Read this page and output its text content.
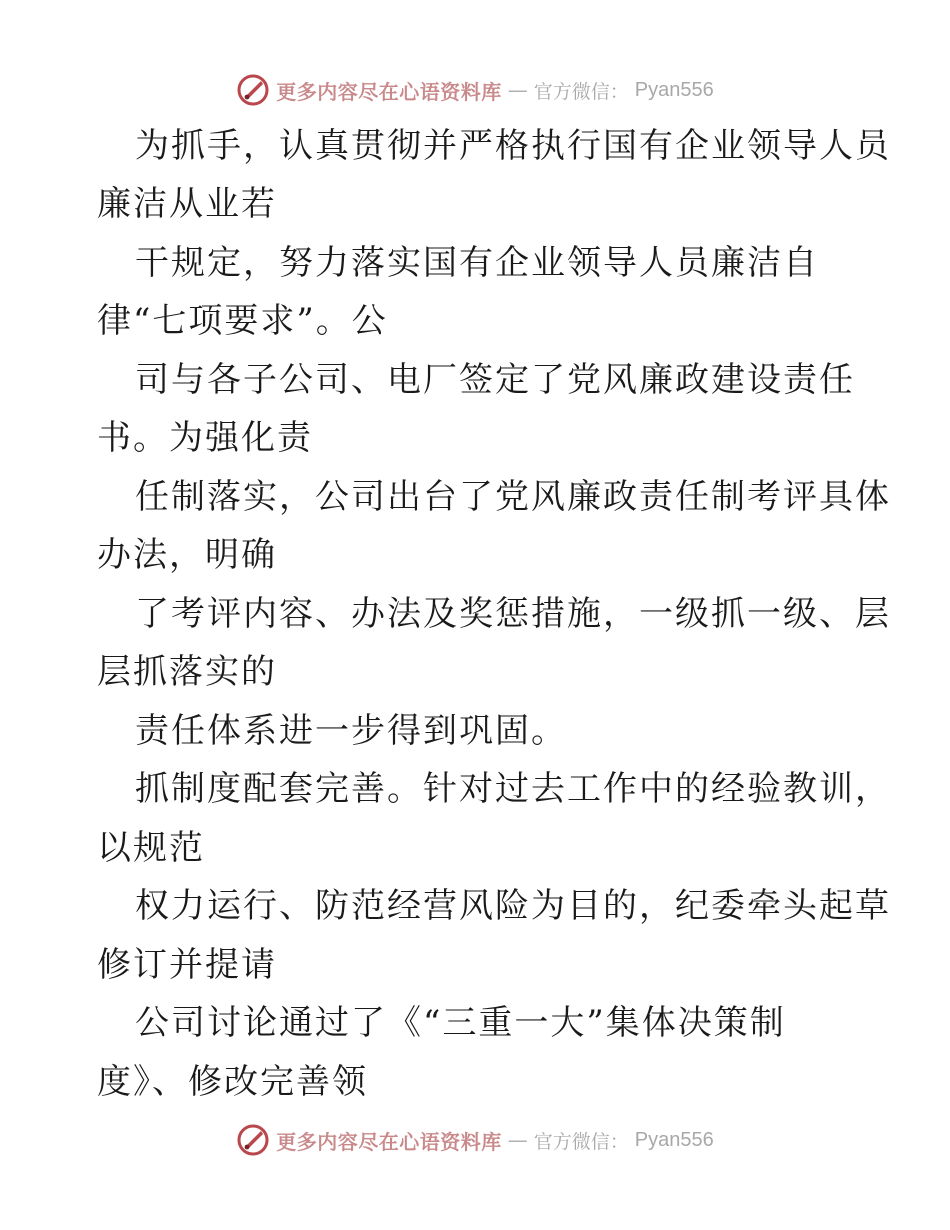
更多内容尽在心语资料库 — 官方微信： Pyan556
为抓手，认真贯彻并严格执行国有企业领导人员
廉洁从业若
干规定，努力落实国有企业领导人员廉洁自
律“七项要求”。公
司与各子公司、电厂签定了党风廉政建设责任
书。为强化责
任制落实，公司出台了党风廉政责任制考评具体
办法，明确
了考评内容、办法及奖惩措施，一级抓一级、层
层抓落实的
责任体系进一步得到巩固。
抓制度配套完善。针对过去工作中的经验教训，
以规范
权力运行、防范经营风险为目的，纪委牵头起草
修订并提请
公司讨论通过了《“三重一大”集体决策制
度》、修改完善领
更多内容尽在心语资料库 — 官方微信： Pyan556
